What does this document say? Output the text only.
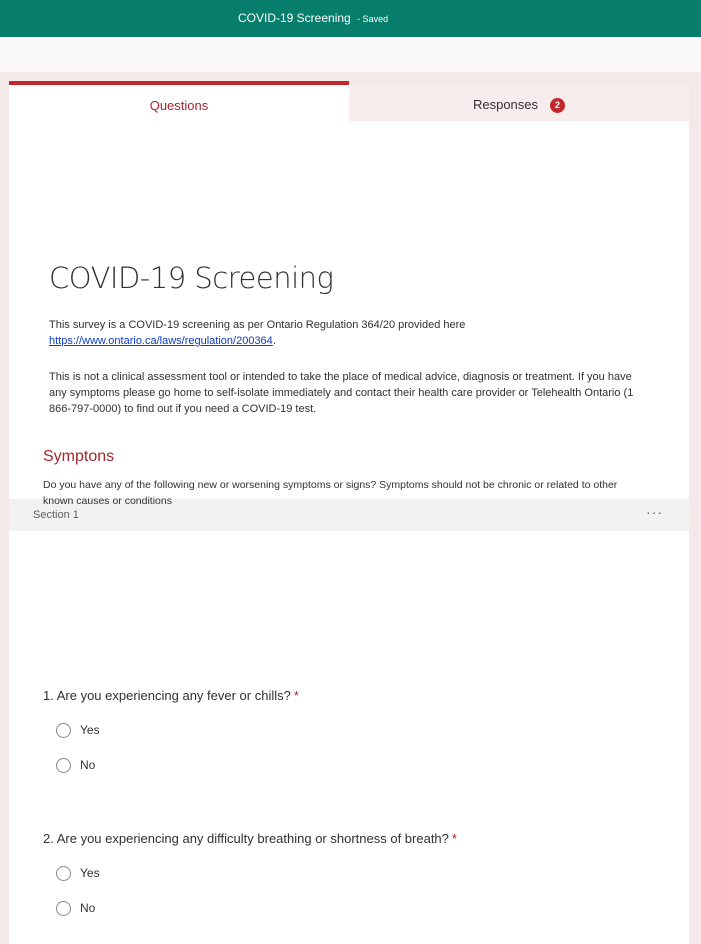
COVID-19 Screening - Saved
Questions	Responses 2
COVID-19 Screening
This survey is a COVID-19 screening as per Ontario Regulation 364/20 provided here
https://www.ontario.ca/laws/regulation/200364.
This is not a clinical assessment tool or intended to take the place of medical advice, diagnosis or treatment. If you have any symptoms please go home to self-isolate immediately and contact their health care provider or Telehealth Ontario (1 866-797-0000) to find out if you need a COVID-19 test.
Section 1	···
Symptons
Do you have any of the following new or worsening symptoms or signs? Symptoms should not be chronic or related to other known causes or conditions
1. Are you experiencing any fever or chills? *
Yes
No
2. Are you experiencing any difficulty breathing or shortness of breath? *
Yes
No
